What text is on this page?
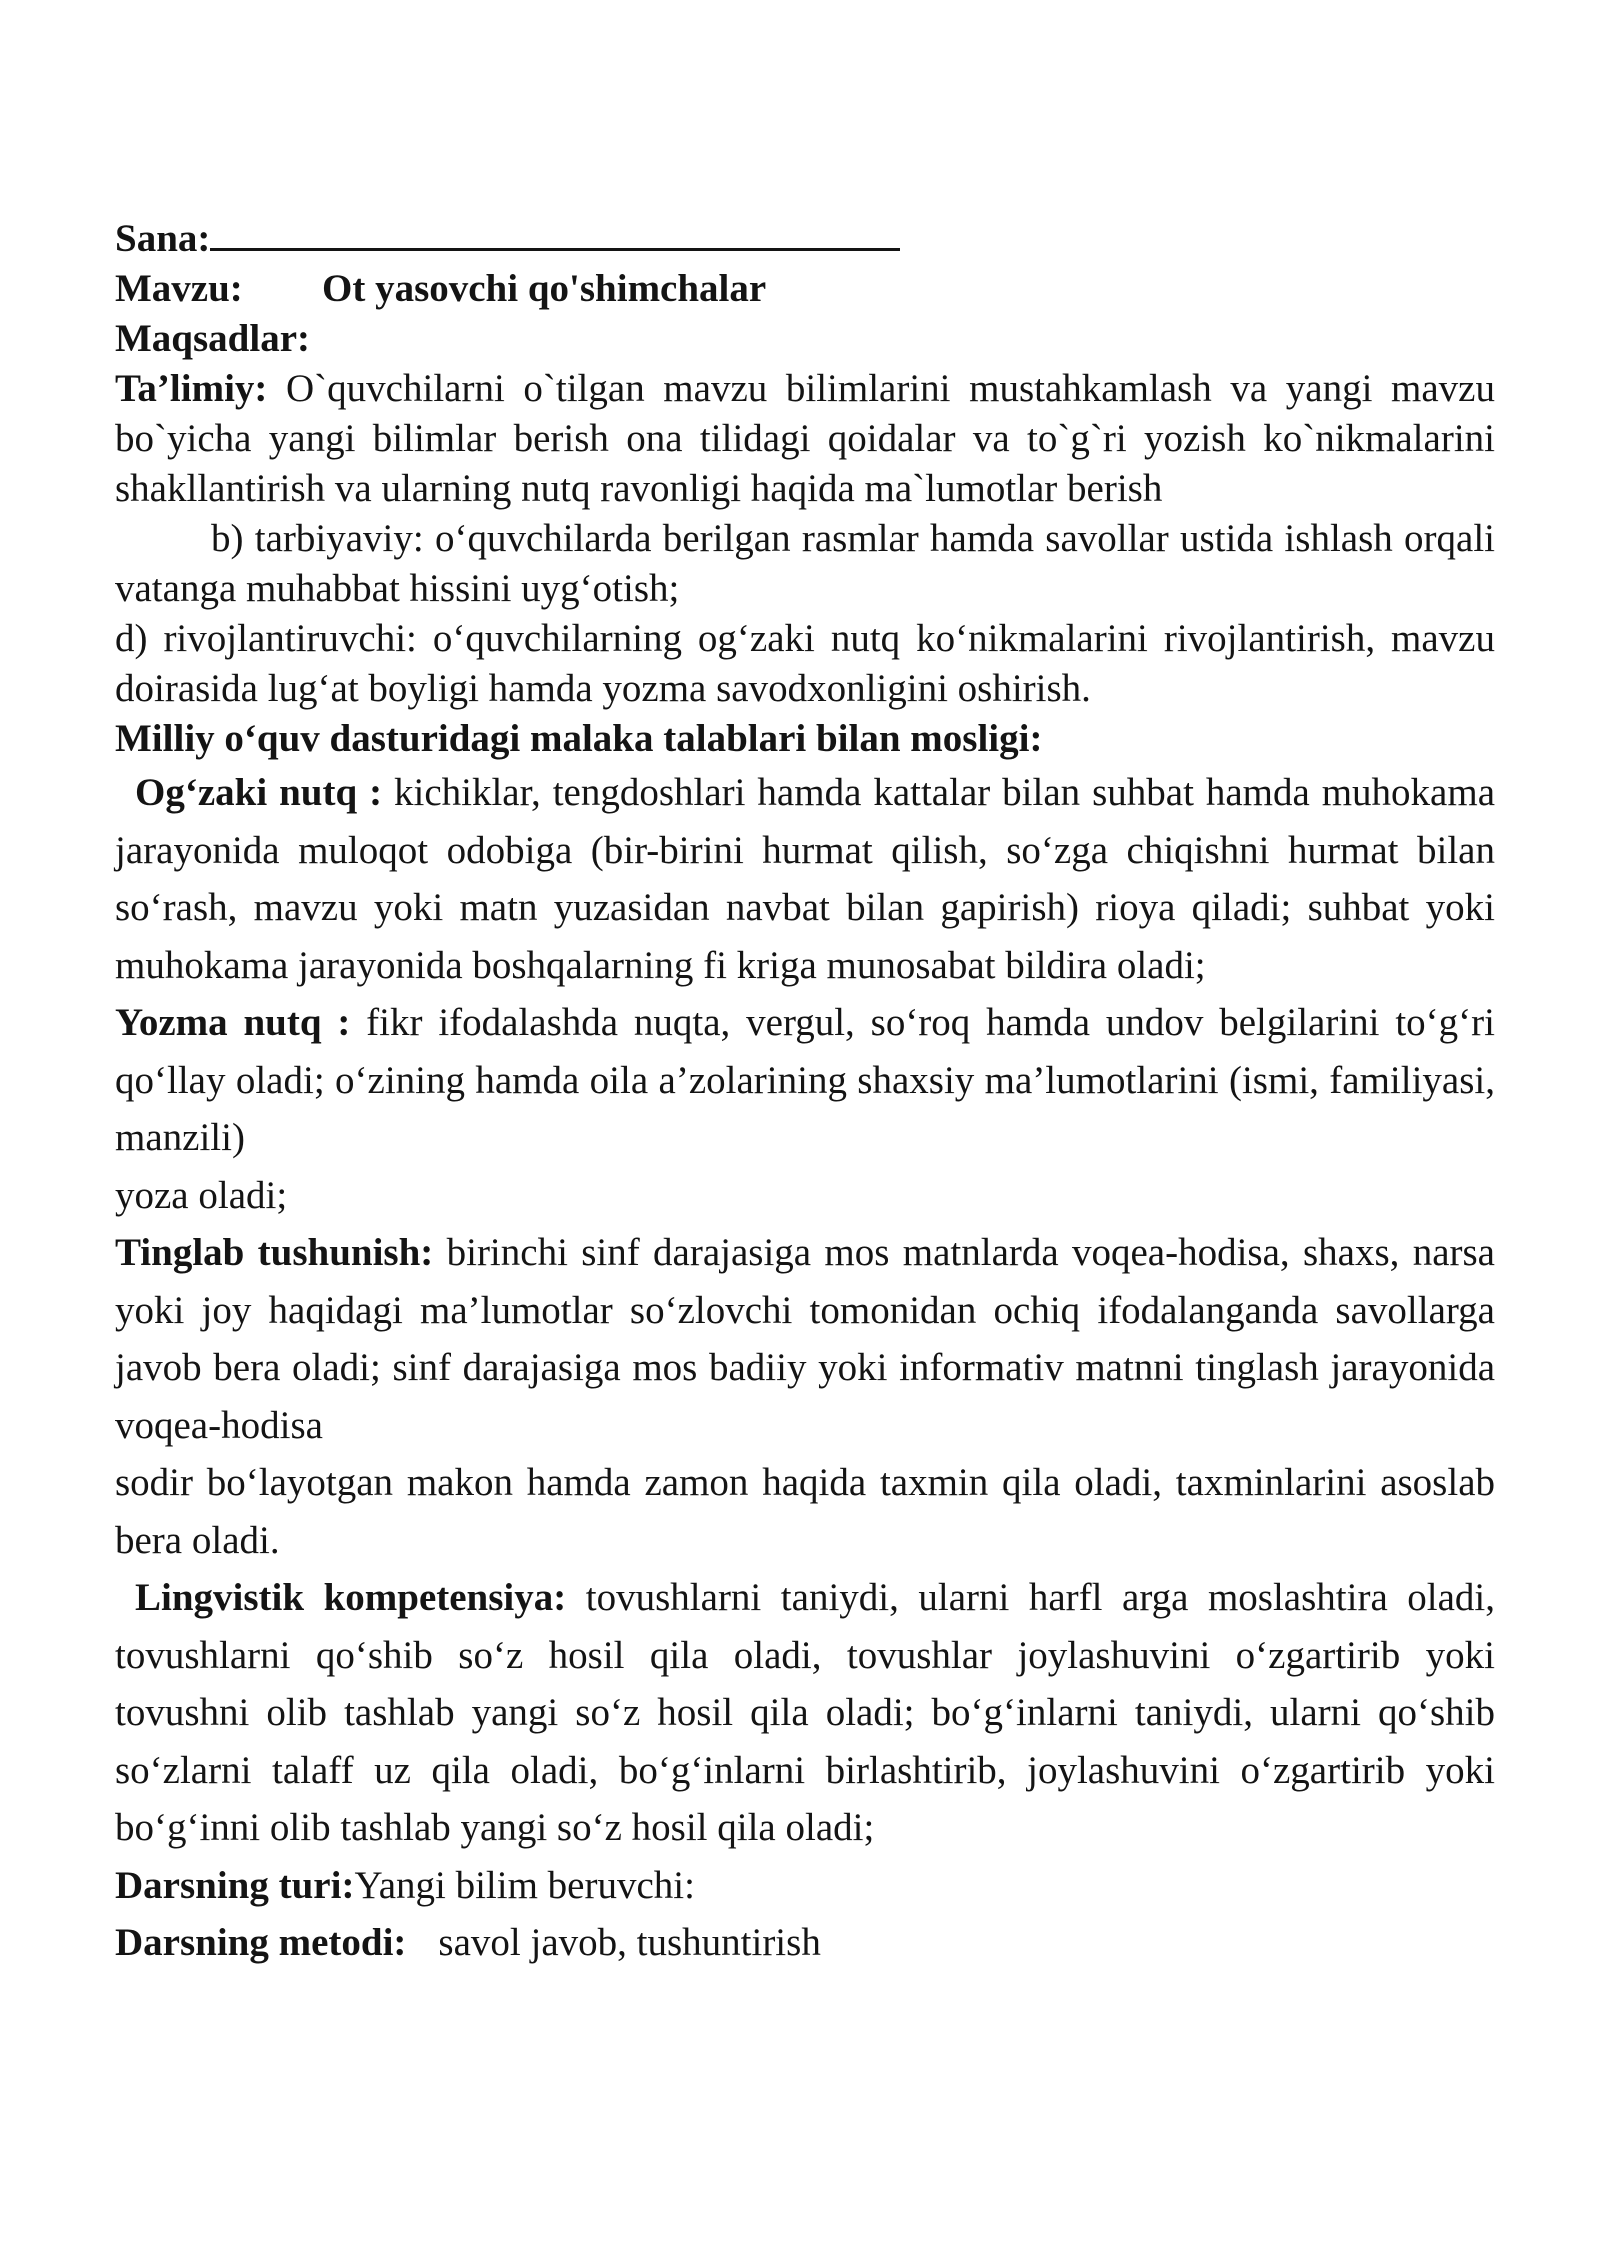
Sana:

Mavzu: Ot yasovchi qo'shimchalar

Maqsadlar:

Ta’limiy: O`quvchilarni o`tilgan mavzu bilimlarini mustahkamlash va yangi mavzu bo`yicha yangi bilimlar berish ona tilidagi qoidalar va to`g`ri yozish ko`nikmalarini shakllantirish va ularning nutq ravonligi haqida ma`lumotlar berish

b) tarbiyaviy: o‘quvchilarda berilgan rasmlar hamda savollar ustida ishlash orqali vatanga muhabbat hissini uyg‘otish;

d) rivojlantiruvchi: o‘quvchilarning og‘zaki nutq ko‘nikmalarini rivojlantirish, mavzu doirasida lug‘at boyligi hamda yozma savodxonligini oshirish.

Milliy o‘quv dasturidagi malaka talablari bilan mosligi:

Og‘zaki nutq : kichiklar, tengdoshlari hamda kattalar bilan suhbat hamda muhokama jarayonida muloqot odobiga (bir-birini hurmat qilish, so‘zga chiqishni hurmat bilan so‘rash, mavzu yoki matn yuzasidan navbat bilan gapirish) rioya qiladi; suhbat yoki muhokama jarayonida boshqalarning fi kriga munosabat bildira oladi;

Yozma nutq : fikr ifodalashda nuqta, vergul, so‘roq hamda undov belgilarini to‘g‘ri qo‘llay oladi; o‘zining hamda oila a’zolarining shaxsiy ma’lumotlarini (ismi, familiyasi, manzili)

yoza oladi;

Tinglab tushunish: birinchi sinf darajasiga mos matnlarda voqea-hodisa, shaxs, narsa yoki joy haqidagi ma’lumotlar so‘zlovchi tomonidan ochiq ifodalanganda savollarga javob bera oladi; sinf darajasiga mos badiiy yoki informativ matnni tinglash jarayonida voqea-hodisa

sodir bo‘layotgan makon hamda zamon haqida taxmin qila oladi, taxminlarini asoslab bera oladi.

Lingvistik kompetensiya: tovushlarni taniydi, ularni harfl arga moslashtira oladi, tovushlarni qo‘shib so‘z hosil qila oladi, tovushlar joylashuvini o‘zgartirib yoki tovushni olib tashlab yangi so‘z hosil qila oladi; bo‘g‘inlarni taniydi, ularni qo‘shib so‘zlarni talaff uz qila oladi, bo‘g‘inlarni birlashtirib, joylashuvini o‘zgartirib yoki bo‘g‘inni olib tashlab yangi so‘z hosil qila oladi;

Darsning turi:Yangi bilim beruvchi:

Darsning metodi: savol javob, tushuntirish
